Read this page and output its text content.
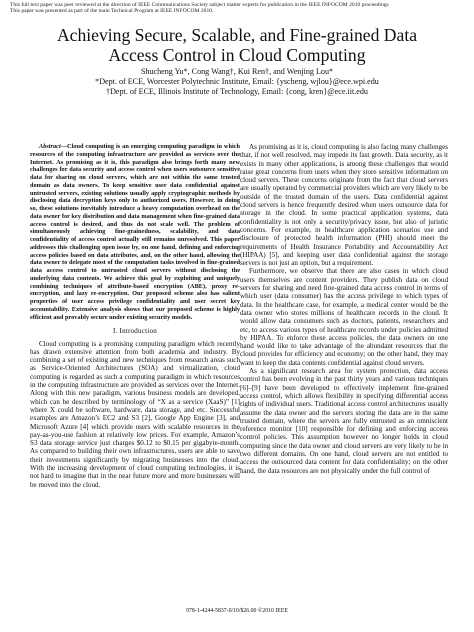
This full text paper was peer reviewed at the direction of IEEE Communications Society subject matter experts for publication in the IEEE INFOCOM 2010 proceedings
This paper was presented as part of the main Technical Program at IEEE INFOCOM 2010.
Achieving Secure, Scalable, and Fine-grained Data
Access Control in Cloud Computing
Shucheng Yu*, Cong Wang†, Kui Ren†, and Wenjing Lou*
*Dept. of ECE, Worcester Polytechnic Institute, Email: {yscheng, wjlou}@ece.wpi.edu
†Dept. of ECE, Illinois Institute of Technology, Email: {cong, kren}@ece.iit.edu

Abstract—Cloud computing is an emerging computing paradigm in which resources of the computing infrastructure are provided as services over the Internet. As promising as it is, this paradigm also brings forth many new challenges for data security and access control when users outsource sensitive data for sharing on cloud servers, which are not within the same trusted domain as data owners. To keep sensitive user data confidential against untrusted servers, existing solutions usually apply cryptographic methods by disclosing data decryption keys only to authorized users. However, in doing so, these solutions inevitably introduce a heavy computation overhead on the data owner for key distribution and data management when fine-grained data access control is desired, and thus do not scale well. The problem of simultaneously achieving fine-grainedness, scalability, and data confidentiality of access control actually still remains unresolved. This paper addresses this challenging open issue by, on one hand, defining and enforcing access policies based on data attributes, and, on the other hand, allowing the data owner to delegate most of the computation tasks involved in fine-grained data access control to untrusted cloud servers without disclosing the underlying data contents. We achieve this goal by exploiting and uniquely combining techniques of attribute-based encryption (ABE), proxy re-encryption, and lazy re-encryption. Our proposed scheme also has salient properties of user access privilege confidentiality and user secret key accountability. Extensive analysis shows that our proposed scheme is highly efficient and provably secure under existing security models.

I. Introduction

Cloud computing is a promising computing paradigm which recently has drawn extensive attention from both academia and industry. By combining a set of existing and new techniques from research areas such as Service-Oriented Architectures (SOA) and virtualization, cloud computing is regarded as such a computing paradigm in which resources in the computing infrastructure are provided as services over the Internet. Along with this new paradigm, various business models are developed, which can be described by terminology of “X as a service (XaaS)” [1] where X could be software, hardware, data storage, and etc. Successful examples are Amazon’s EC2 and S3 [2], Google App Engine [3], and Microsoft Azure [4] which provide users with scalable resources in the pay-as-you-use fashion at relatively low prices. For example, Amazon’s S3 data storage service just charges $0.12 to $0.15 per gigabyte-month. As compared to building their own infrastructures, users are able to save their investments significantly by migrating businesses into the cloud. With the increasing development of cloud computing technologies, it is not hard to imagine that in the near future more and more businesses will be moved into the cloud.

As promising as it is, cloud computing is also facing many challenges that, if not well resolved, may impede its fast growth. Data security, as it exists in many other applications, is among these challenges that would raise great concerns from users when they store sensitive information on cloud servers. These concerns originate from the fact that cloud servers are usually operated by commercial providers which are very likely to be outside of the trusted domain of the users. Data confidential against cloud servers is hence frequently desired when users outsource data for storage in the cloud. In some practical application systems, data confidentiality is not only a security/privacy issue, but also of juristic concerns. For example, in healthcare application scenarios use and disclosure of protected health information (PHI) should meet the requirements of Health Insurance Portability and Accountability Act (HIPAA) [5], and keeping user data confidential against the storage servers is not just an option, but a requirement.

Furthermore, we observe that there are also cases in which cloud users themselves are content providers. They publish data on cloud servers for sharing and need fine-grained data access control in terms of which user (data consumer) has the access privilege to which types of data. In the healthcare case, for example, a medical center would be the data owner who stores millions of healthcare records in the cloud. It would allow data consumers such as doctors, patients, researchers and etc, to access various types of healthcare records under policies admitted by HIPAA. To enforce these access policies, the data owners on one hand would like to take advantage of the abundant resources that the cloud provides for efficiency and economy; on the other hand, they may want to keep the data contents confidential against cloud servers.

As a significant research area for system protection, data access control has been evolving in the past thirty years and various techniques [6]–[9] have been developed to effectively implement fine-grained access control, which allows flexibility in specifying differential access rights of individual users. Traditional access control architectures usually assume the data owner and the servers storing the data are in the same trusted domain, where the servers are fully entrusted as an omniscient reference monitor [10] responsible for defining and enforcing access control policies. This assumption however no longer holds in cloud computing since the data owner and cloud servers are very likely to be in two different domains. On one hand, cloud servers are not entitled to access the outsourced data content for data confidentiality; on the other hand, the data resources are not physically under the full control of

978-1-4244-5837-0/10/$26.00 ©2010 IEEE
